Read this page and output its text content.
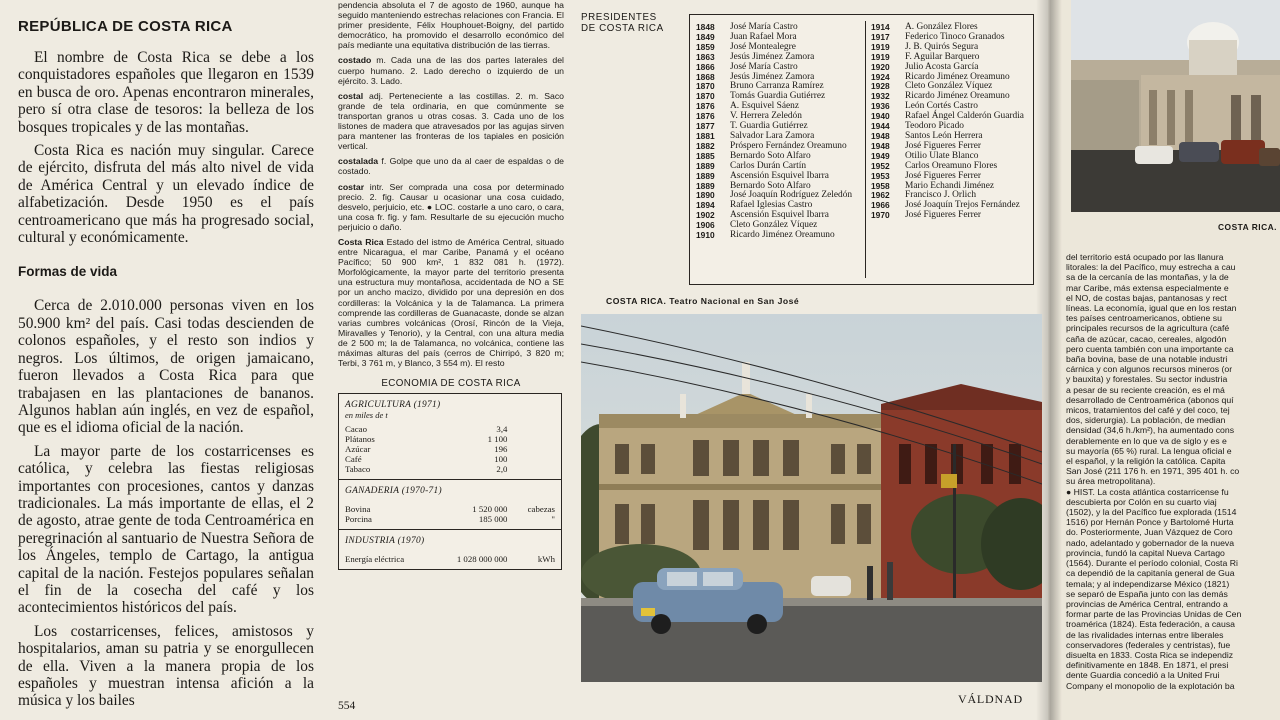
COSTA RICA.
del territorio está ocupado por las llanura
litorales: la del Pacífico, muy estrecha a cau
sa de la cercanía de las montañas, y la de
mar Caribe, más extensa especialmente e
el NO, de costas bajas, pantanosas y rect
líneas. La economía, igual que en los restan
tes países centroamericanos, obtiene su
principales recursos de la agricultura (café
caña de azúcar, cacao, cereales, algodón
pero cuenta también con una importante ca
baña bovina, base de una notable industri
cárnica y con algunos recursos mineros (or
y bauxita) y forestales. Su sector industria
a pesar de su reciente creación, es el má
desarrollado de Centroamérica (abonos quí
micos, tratamientos del café y del coco, tej
dos, siderurgia). La población, de median
densidad (34,6 h./km²), ha aumentado cons
derablemente en lo que va de siglo y es e
su mayoría (65 %) rural. La lengua oficial e
el español, y la religión la católica. Capita
San José (211 176 h. en 1971, 395 401 h. co
su área metropolitana).
● HIST. La costa atlántica costarricense fu
descubierta por Colón en su cuarto viaj
(1502), y la del Pacífico fue explorada (1514
1516) por Hernán Ponce y Bartolomé Hurta
do. Posteriormente, Juan Vázquez de Coro
nado, adelantado y gobernador de la nueva
provincia, fundó la capital Nueva Cartago
(1564). Durante el período colonial, Costa Ri
ca dependió de la capitanía general de Gua
temala; y al independizarse México (1821)
se separó de España junto con las demás
provincias de América Central, entrando a
formar parte de las Provincias Unidas de Cen
troamérica (1824). Esta federación, a causa
de las rivalidades internas entre liberales
conservadores (federales y centristas), fue
disuelta en 1833. Costa Rica se independiz
definitivamente en 1848. En 1871, el presi
dente Guardia concedió a la United Frui
Company el monopolio de la explotación ba
REPÚBLICA DE COSTA RICA

El nombre de Costa Rica se debe a los conquistadores españoles que llegaron en 1539 en busca de oro. Apenas encontraron minerales, pero sí otra clase de tesoros: la belleza de los bosques tropicales y de las montañas.

Costa Rica es nación muy singular. Carece de ejército, disfruta del más alto nivel de vida de América Central y un elevado índice de alfabetización. Desde 1950 es el país centroamericano que más ha progresado social, cultural y económicamente.

Formas de vida

Cerca de 2.010.000 personas viven en los 50.900 km² del país. Casi todas descienden de colonos españoles, y el resto son indios y negros. Los últimos, de origen jamaicano, fueron llevados a Costa Rica para que trabajasen en las plantaciones de bananos. Algunos hablan aún inglés, en vez de español, que es el idioma oficial de la nación.

La mayor parte de los costarricenses es católica, y celebra las fiestas religiosas importantes con procesiones, cantos y danzas tradicionales. La más importante de ellas, el 2 de agosto, atrae gente de toda Centroamérica en peregrinación al santuario de Nuestra Señora de los Ángeles, templo de Cartago, la antigua capital de la nación. Festejos populares señalan el fin de la cosecha del café y los acontecimientos históricos del país.

Los costarricenses, felices, amistosos y hospitalarios, aman su patria y se enorgullecen de ella. Viven a la manera propia de los españoles y muestran intensa afición a la música y los bailes

pendencia absoluta el 7 de agosto de 1960, aunque ha seguido manteniendo estrechas relaciones con Francia. El primer presidente, Félix Houphouet-Boigny, del partido democrático, ha promovido el desarrollo económico del país mediante una equitativa distribución de las tierras.

costado m. Cada una de las dos partes laterales del cuerpo humano. 2. Lado derecho o izquierdo de un ejército. 3. Lado.

costal adj. Perteneciente a las costillas. 2. m. Saco grande de tela ordinaria, en que comúnmente se transportan granos u otras cosas. 3. Cada uno de los listones de madera que atravesados por las agujas sirven para mantener las fronteras de los tapiales en posición vertical.

costalada f. Golpe que uno da al caer de espaldas o de costado.

costar intr. Ser comprada una cosa por determinado precio. 2. fig. Causar u ocasionar una cosa cuidado, desvelo, perjuicio, etc. ● LOC. costarle a uno caro, o cara, una cosa fr. fig. y fam. Resultarle de su ejecución mucho perjuicio o daño.

Costa Rica Estado del istmo de América Central, situado entre Nicaragua, el mar Caribe, Panamá y el océano Pacífico; 50 900 km², 1 832 081 h. (1972). Morfológicamente, la mayor parte del territorio presenta una estructura muy montañosa, accidentada de NO a SE por un ancho macizo, dividido por una depresión en dos cordilleras: la Volcánica y la de Talamanca. La primera comprende las cordilleras de Guanacaste, donde se alzan varias cumbres volcánicas (Orosí, Rincón de la Vieja, Miravalles y Tenorio), y la Central, con una altura media de 2 500 m; la de Talamanca, no volcánica, contiene las máximas alturas del país (cerros de Chirripó, 3 820 m; Terbi, 3 761 m, y Blanco, 3 554 m). El resto

ECONOMIA DE COSTA RICA
AGRICULTURA (1971)
en miles de t
Cacao	3,4
Plátanos	1 100
Azúcar	196
Café	100
Tabaco	2,0
GANADERIA (1970-71)
Bovina	1 520 000	cabezas
Porcina	185 000	"
INDUSTRIA (1970)
Energía eléctrica	1 028 000 000	kWh
554
PRESIDENTES
DE COSTA RICA	1848	José María Castro
1849	Juan Rafael Mora
1859	José Montealegre
1863	Jesús Jiménez Zamora
1866	José María Castro
1868	Jesús Jiménez Zamora
1870	Bruno Carranza Ramírez
1870	Tomás Guardia Gutiérrez
1876	A. Esquivel Sáenz
1876	V. Herrera Zeledón
1877	T. Guardia Gutiérrez
1881	Salvador Lara Zamora
1882	Próspero Fernández Oreamuno
1885	Bernardo Soto Alfaro
1889	Carlos Durán Cartín
1889	Ascensión Esquivel Ibarra
1889	Bernardo Soto Alfaro
1890	José Joaquín Rodríguez Zeledón
1894	Rafael Iglesias Castro
1902	Ascensión Esquivel Ibarra
1906	Cleto González Víquez
1910	Ricardo Jiménez Oreamuno
1914	A. González Flores
1917	Federico Tinoco Granados
1919	J. B. Quirós Segura
1919	F. Aguilar Barquero
1920	Julio Acosta García
1924	Ricardo Jiménez Oreamuno
1928	Cleto González Víquez
1932	Ricardo Jiménez Oreamuno
1936	León Cortés Castro
1940	Rafael Ángel Calderón Guardia
1944	Teodoro Picado
1948	Santos León Herrera
1948	José Figueres Ferrer
1949	Otilio Ulate Blanco
1952	Carlos Oreamuno Flores
1953	José Figueres Ferrer
1958	Mario Echandi Jiménez
1962	Francisco J. Orlich
1966	José Joaquín Trejos Fernández
1970	José Figueres Ferrer
COSTA RICA. Teatro Nacional en San José
VÁLDNAD
